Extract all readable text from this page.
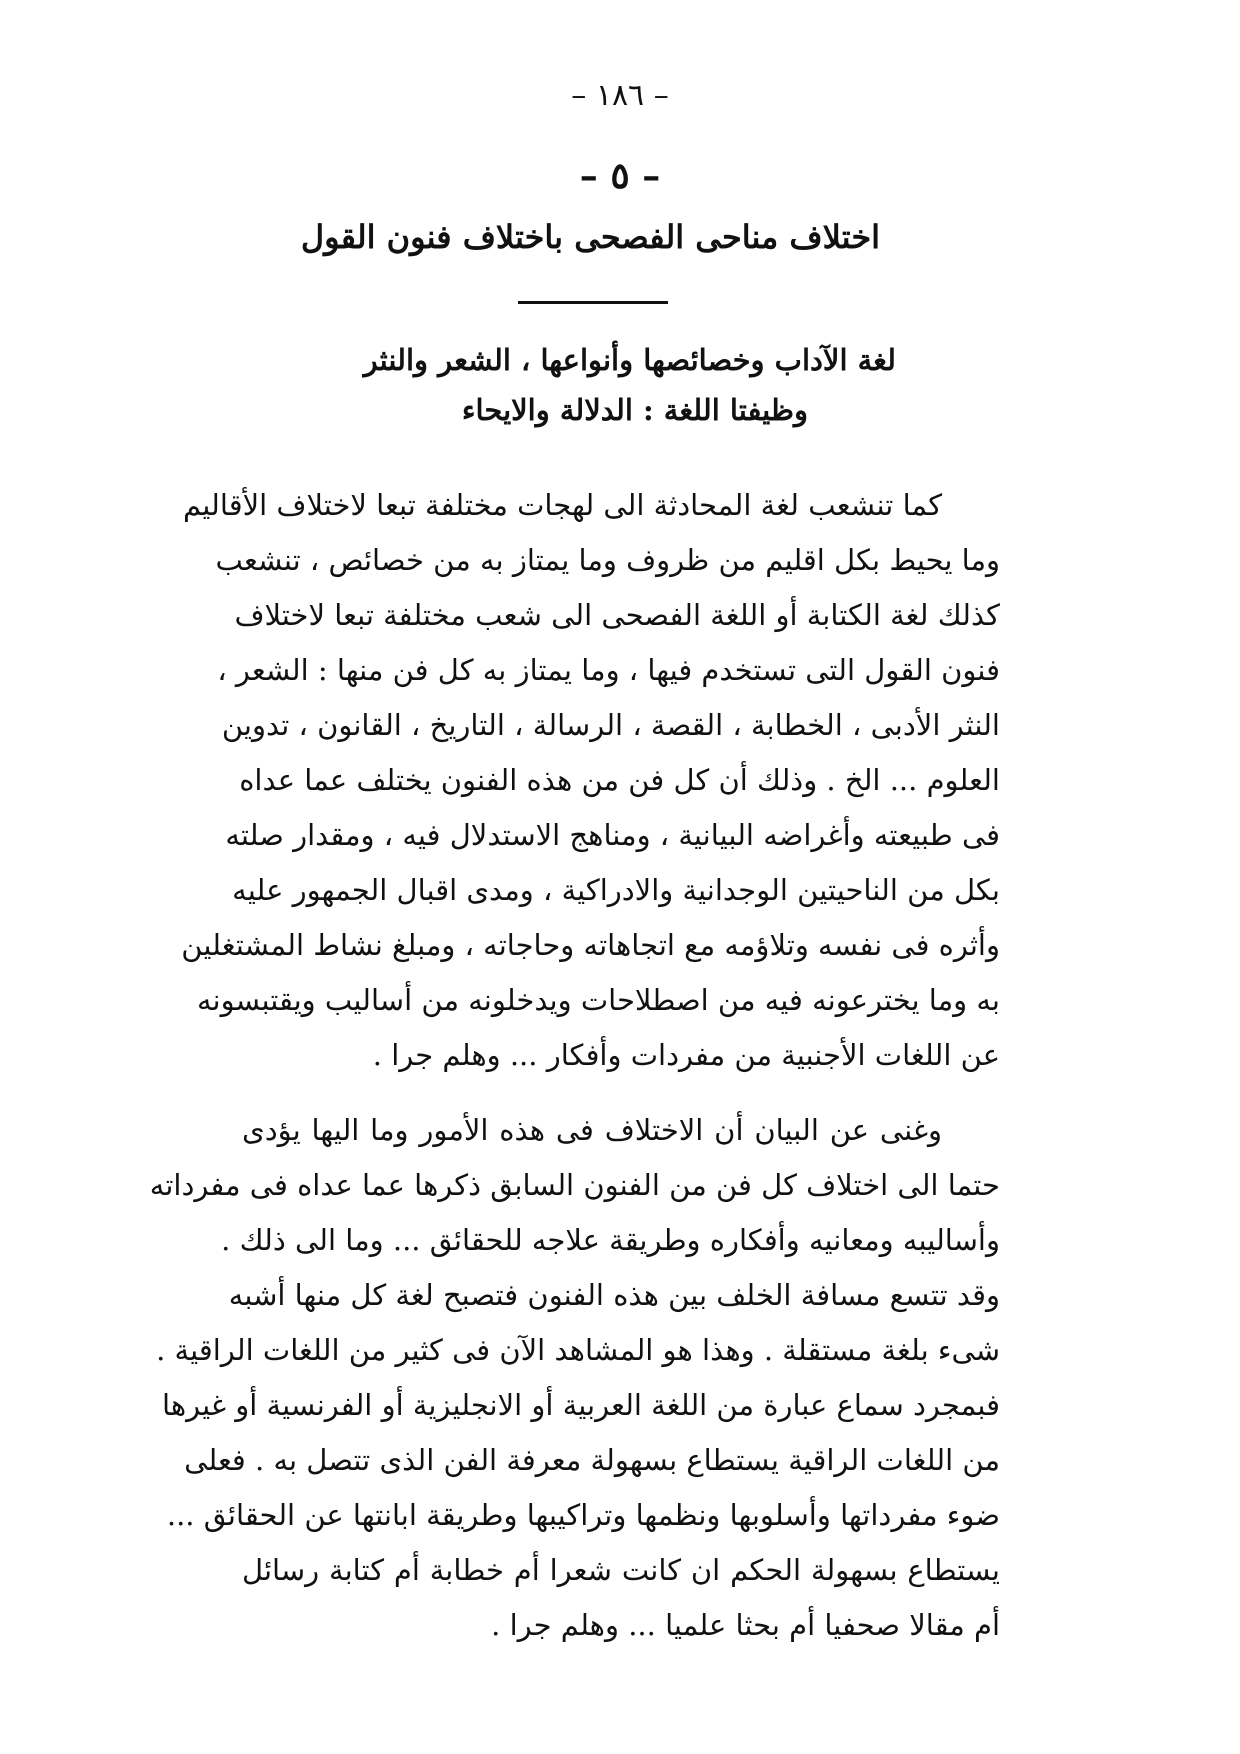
– ١٨٦ –
– ٥ –
اختلاف مناحى الفصحى باختلاف فنون القول
لغة الآداب وخصائصها وأنواعها ، الشعر والنثر
وظيفتا اللغة : الدلالة والايحاء
كما تنشعب لغة المحادثة الى لهجات مختلفة تبعا لاختلاف الأقاليم
وما يحيط بكل اقليم من ظروف وما يمتاز به من خصائص ، تنشعب
كذلك لغة الكتابة أو اللغة الفصحى الى شعب مختلفة تبعا لاختلاف
فنون القول التى تستخدم فيها ، وما يمتاز به كل فن منها : الشعر ،
النثر الأدبى ، الخطابة ، القصة ، الرسالة ، التاريخ ، القانون ، تدوين
العلوم ... الخ . وذلك أن كل فن من هذه الفنون يختلف عما عداه
فى طبيعته وأغراضه البيانية ، ومناهج الاستدلال فيه ، ومقدار صلته
بكل من الناحيتين الوجدانية والادراكية ، ومدى اقبال الجمهور عليه
وأثره فى نفسه وتلاؤمه مع اتجاهاته وحاجاته ، ومبلغ نشاط المشتغلين
به وما يخترعونه فيه من اصطلاحات ويدخلونه من أساليب ويقتبسونه
عن اللغات الأجنبية من مفردات وأفكار ... وهلم جرا .
وغنى عن البيان أن الاختلاف فى هذه الأمور وما اليها يؤدى
حتما الى اختلاف كل فن من الفنون السابق ذكرها عما عداه فى مفرداته
وأساليبه ومعانيه وأفكاره وطريقة علاجه للحقائق ... وما الى ذلك .
وقد تتسع مسافة الخلف بين هذه الفنون فتصبح لغة كل منها أشبه
شىء بلغة مستقلة . وهذا هو المشاهد الآن فى كثير من اللغات الراقية .
فبمجرد سماع عبارة من اللغة العربية أو الانجليزية أو الفرنسية أو غيرها
من اللغات الراقية يستطاع بسهولة معرفة الفن الذى تتصل به . فعلى
ضوء مفرداتها وأسلوبها ونظمها وتراكيبها وطريقة ابانتها عن الحقائق ...
يستطاع بسهولة الحكم ان كانت شعرا أم خطابة أم كتابة رسائل
أم مقالا صحفيا أم بحثا علميا ... وهلم جرا .
